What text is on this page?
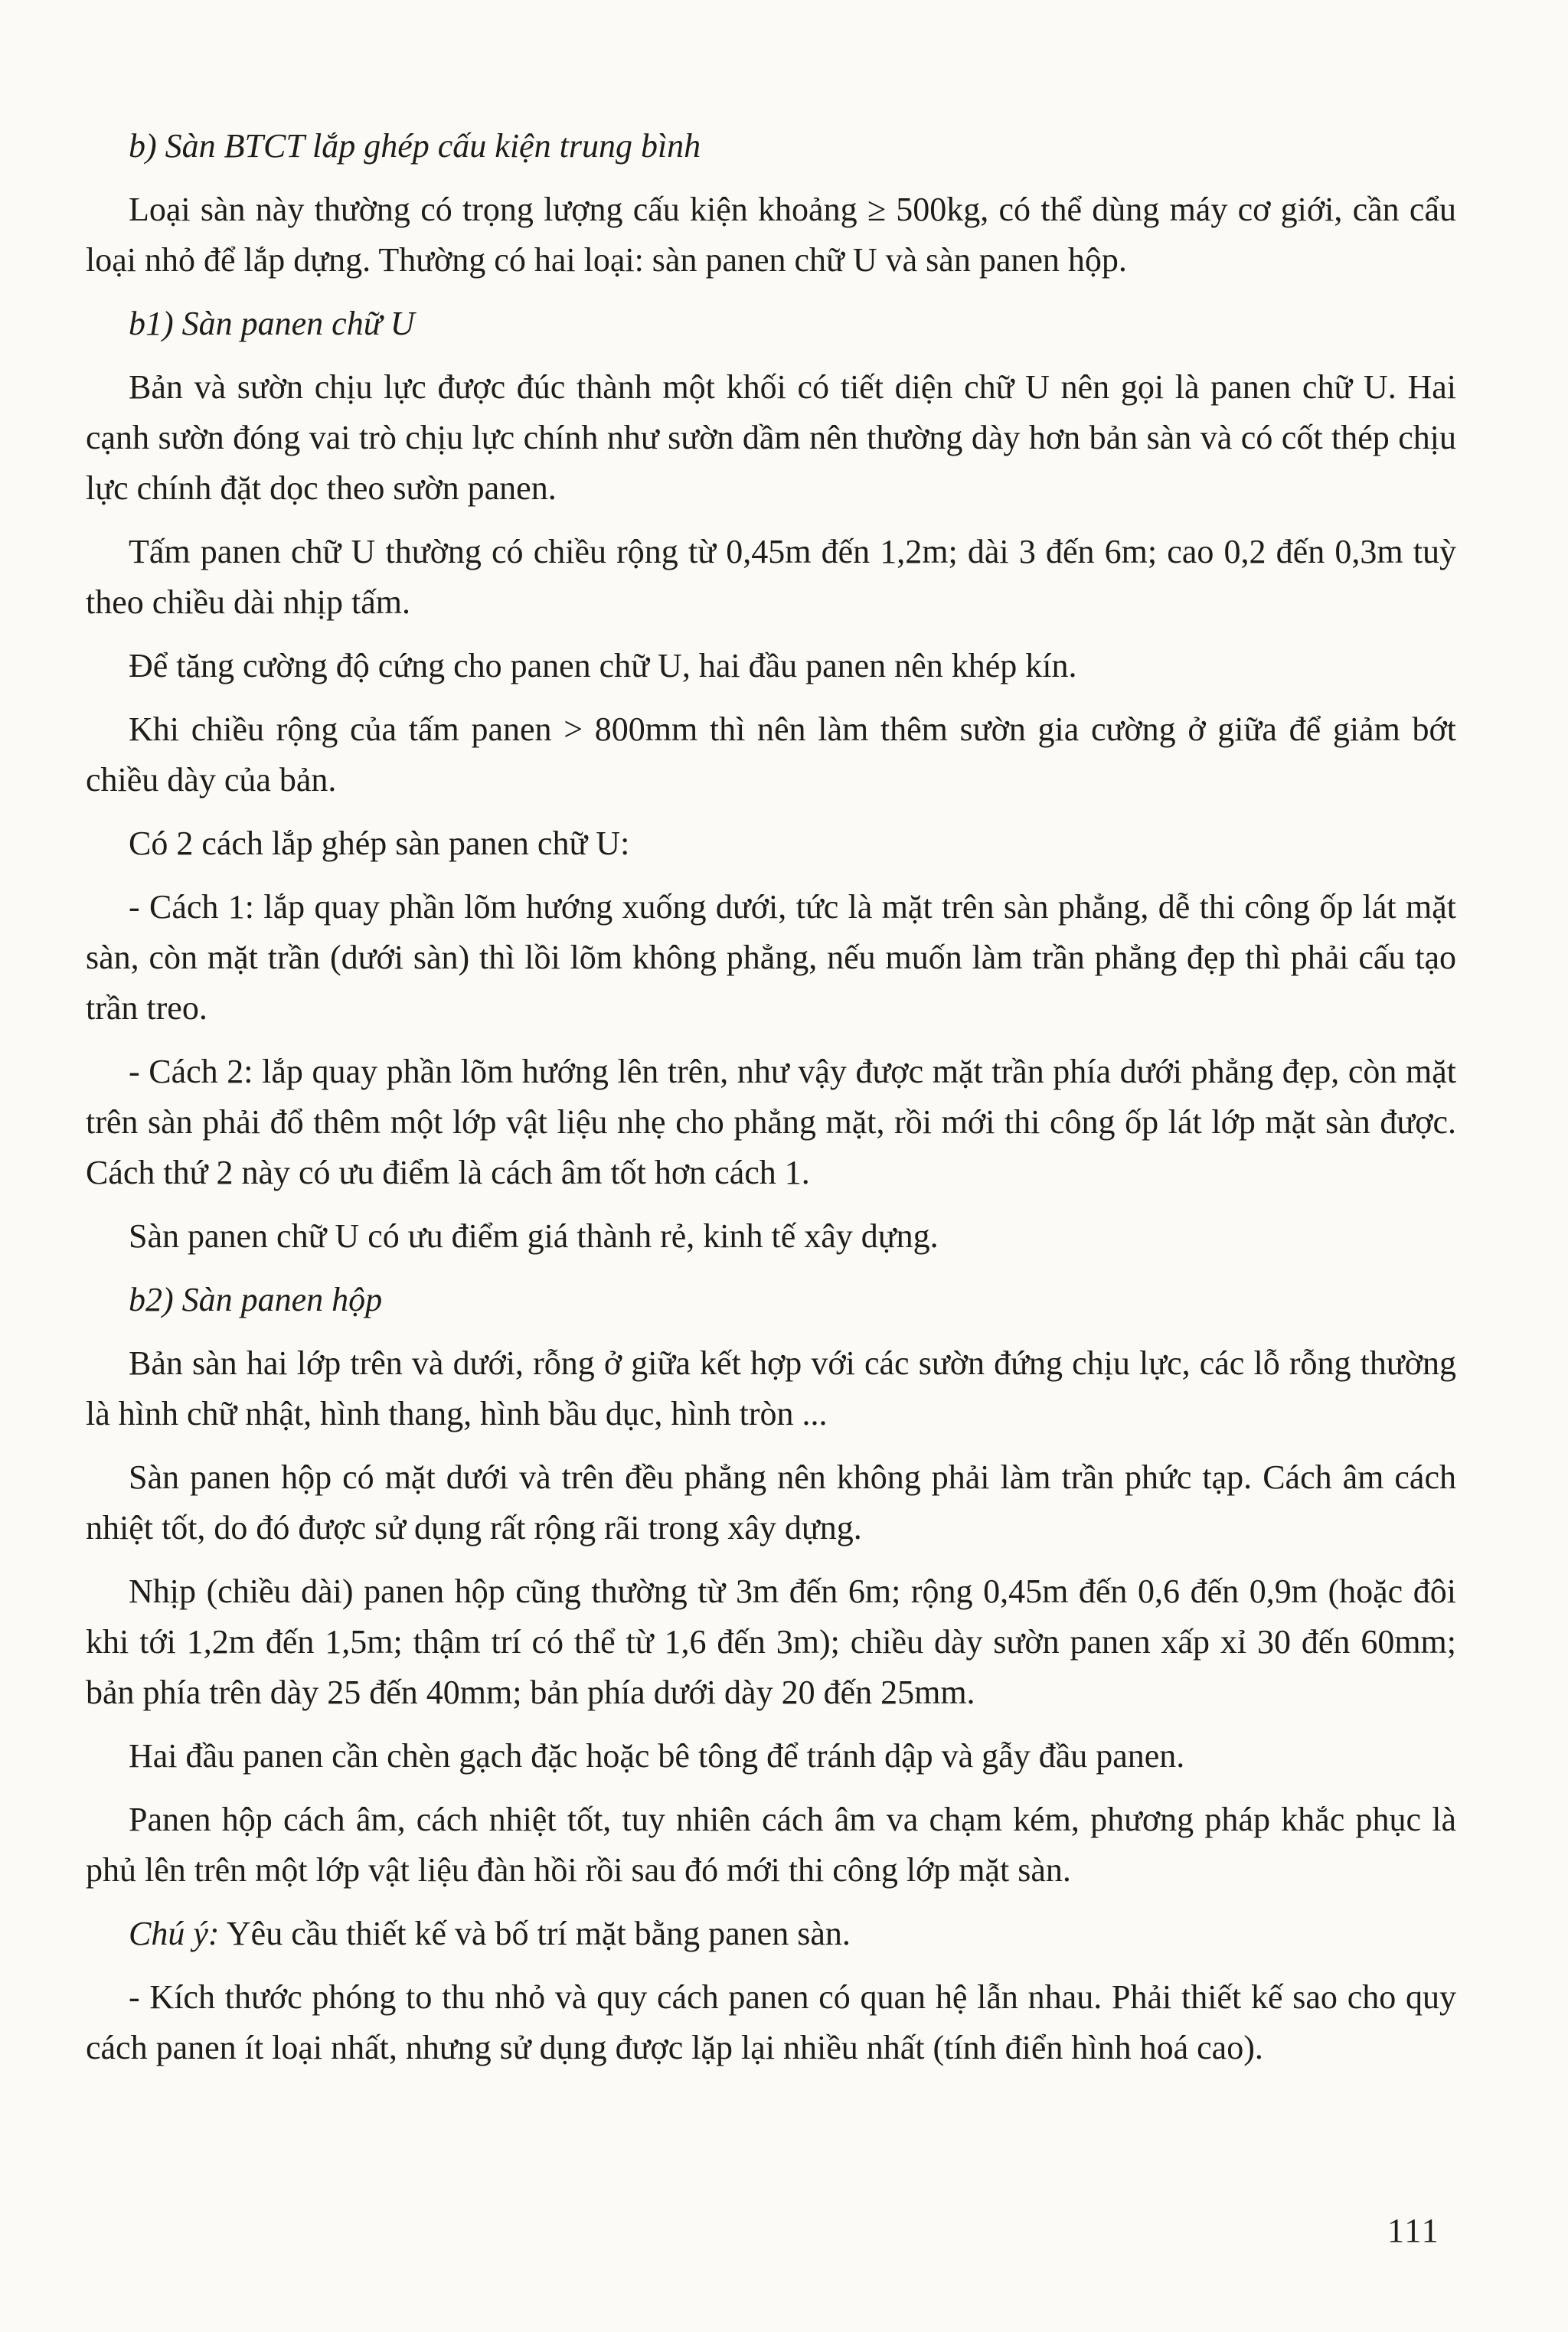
b) Sàn BTCT lắp ghép cấu kiện trung bình

Loại sàn này thường có trọng lượng cấu kiện khoảng ≥ 500kg, có thể dùng máy cơ giới, cần cẩu loại nhỏ để lắp dựng. Thường có hai loại: sàn panen chữ U và sàn panen hộp.

b1) Sàn panen chữ U

Bản và sườn chịu lực được đúc thành một khối có tiết diện chữ U nên gọi là panen chữ U. Hai cạnh sườn đóng vai trò chịu lực chính như sườn dầm nên thường dày hơn bản sàn và có cốt thép chịu lực chính đặt dọc theo sườn panen.

Tấm panen chữ U thường có chiều rộng từ 0,45m đến 1,2m; dài 3 đến 6m; cao 0,2 đến 0,3m tuỳ theo chiều dài nhịp tấm.

Để tăng cường độ cứng cho panen chữ U, hai đầu panen nên khép kín.

Khi chiều rộng của tấm panen > 800mm thì nên làm thêm sườn gia cường ở giữa để giảm bớt chiều dày của bản.

Có 2 cách lắp ghép sàn panen chữ U:

- Cách 1: lắp quay phần lõm hướng xuống dưới, tức là mặt trên sàn phẳng, dễ thi công ốp lát mặt sàn, còn mặt trần (dưới sàn) thì lồi lõm không phẳng, nếu muốn làm trần phẳng đẹp thì phải cấu tạo trần treo.

- Cách 2: lắp quay phần lõm hướng lên trên, như vậy được mặt trần phía dưới phẳng đẹp, còn mặt trên sàn phải đổ thêm một lớp vật liệu nhẹ cho phẳng mặt, rồi mới thi công ốp lát lớp mặt sàn được. Cách thứ 2 này có ưu điểm là cách âm tốt hơn cách 1.

Sàn panen chữ U có ưu điểm giá thành rẻ, kinh tế xây dựng.

b2) Sàn panen hộp

Bản sàn hai lớp trên và dưới, rỗng ở giữa kết hợp với các sườn đứng chịu lực, các lỗ rỗng thường là hình chữ nhật, hình thang, hình bầu dục, hình tròn ...

Sàn panen hộp có mặt dưới và trên đều phẳng nên không phải làm trần phức tạp. Cách âm cách nhiệt tốt, do đó được sử dụng rất rộng rãi trong xây dựng.

Nhịp (chiều dài) panen hộp cũng thường từ 3m đến 6m; rộng 0,45m đến 0,6 đến 0,9m (hoặc đôi khi tới 1,2m đến 1,5m; thậm trí có thể từ 1,6 đến 3m); chiều dày sườn panen xấp xỉ 30 đến 60mm; bản phía trên dày 25 đến 40mm; bản phía dưới dày 20 đến 25mm.

Hai đầu panen cần chèn gạch đặc hoặc bê tông để tránh dập và gẫy đầu panen.

Panen hộp cách âm, cách nhiệt tốt, tuy nhiên cách âm va chạm kém, phương pháp khắc phục là phủ lên trên một lớp vật liệu đàn hồi rồi sau đó mới thi công lớp mặt sàn.

Chú ý: Yêu cầu thiết kế và bố trí mặt bằng panen sàn.

- Kích thước phóng to thu nhỏ và quy cách panen có quan hệ lẫn nhau. Phải thiết kế sao cho quy cách panen ít loại nhất, nhưng sử dụng được lặp lại nhiều nhất (tính điển hình hoá cao).

111
